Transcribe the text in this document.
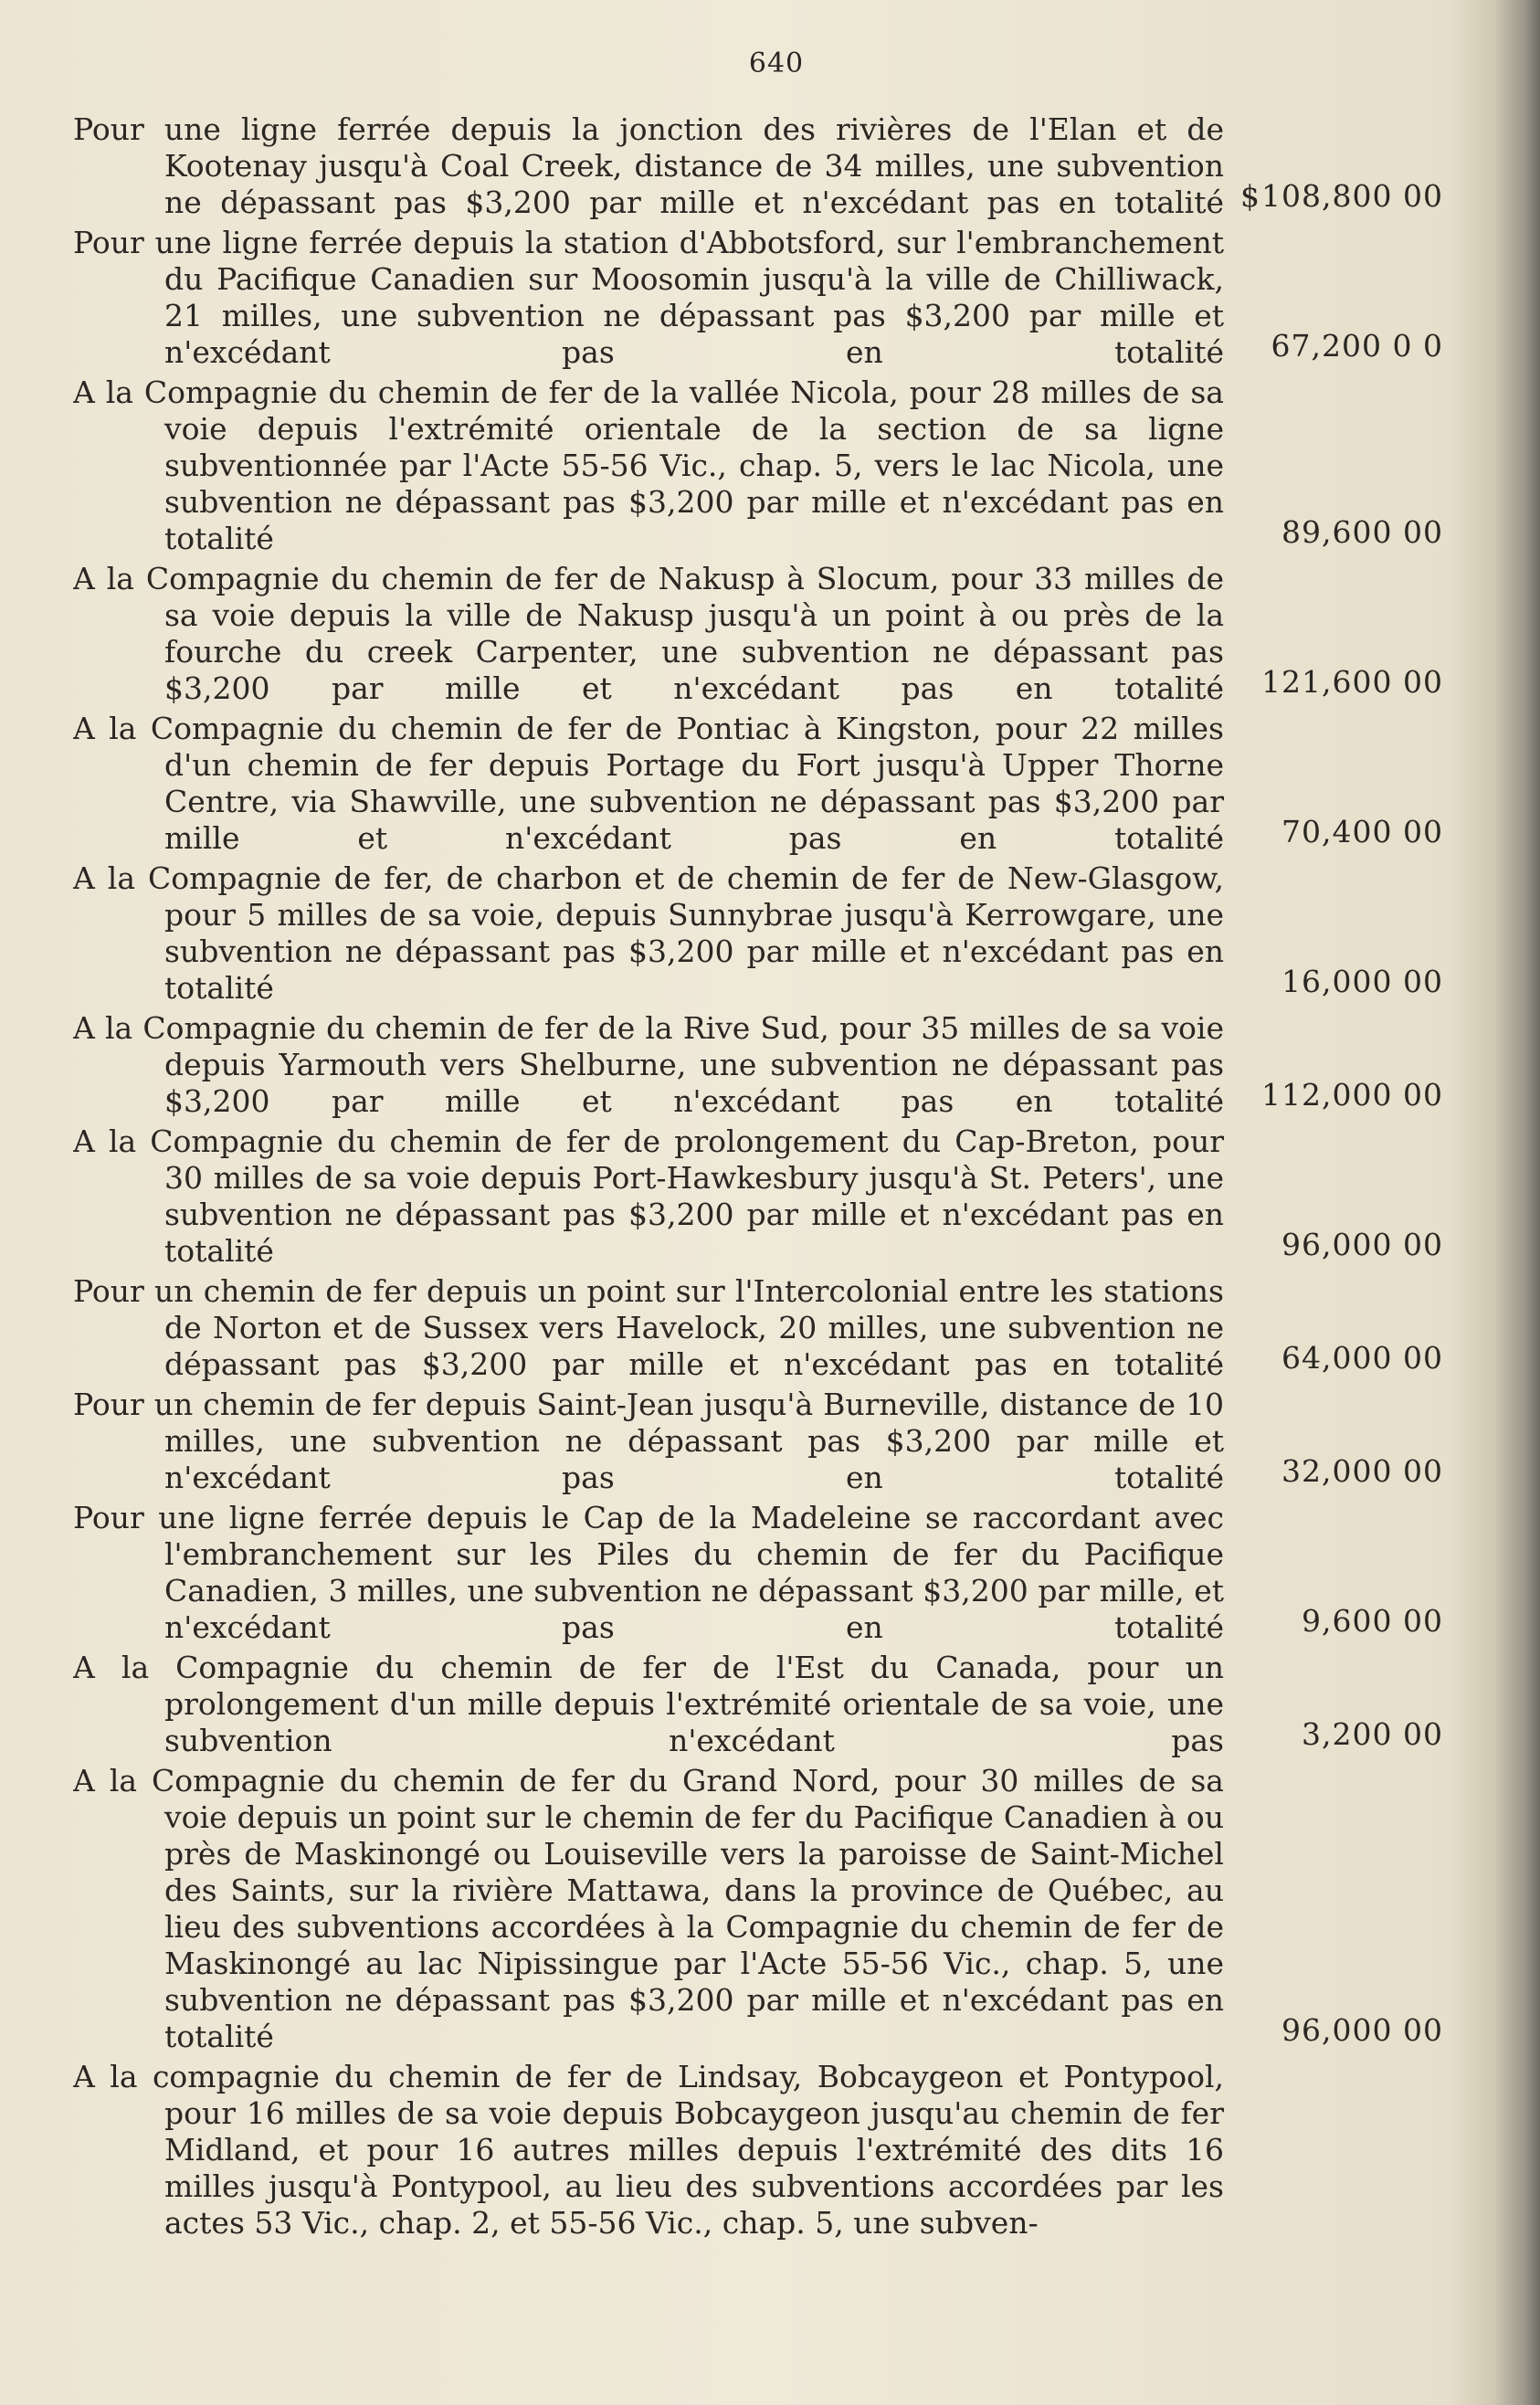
640
Pour une ligne ferrée depuis la jonction des rivières de l'Elan et de Kootenay jusqu'à Coal Creek, distance de 34 milles, une subvention ne dépassant pas $3,200 par mille et n'excédant pas en totalité ..... $ 108,800 00
Pour une ligne ferrée depuis la station d'Abbotsford, sur l'embranchement du Pacifique Canadien sur Moosomin jusqu'à la ville de Chilliwack, 21 milles, une subvention ne dépassant pas $3,200 par mille et n'excédant pas en totalité ..... 67,200 0 0
A la Compagnie du chemin de fer de la vallée Nicola, pour 28 milles de sa voie depuis l'extrémité orientale de la section de sa ligne subventionnée par l'Acte 55-56 Vic., chap. 5, vers le lac Nicola, une subvention ne dépassant pas $3,200 par mille et n'excédant pas en totalité .....	89,600 00
A la Compagnie du chemin de fer de Nakusp à Slocum, pour 33 milles de sa voie depuis la ville de Nakusp jusqu'à un point à ou près de la fourche du creek Carpenter, une subvention ne dépassant pas $3,200 par mille et n'excédant pas en totalité ..... 121,600 00
A la Compagnie du chemin de fer de Pontiac à Kingston, pour 22 milles d'un chemin de fer depuis Portage du Fort jusqu'à Upper Thorne Centre, via Shawville, une subvention ne dépassant pas $3,200 par mille et n'excédant pas en totalité ..... 70,400 00
A la Compagnie de fer, de charbon et de chemin de fer de New-Glasgow, pour 5 milles de sa voie, depuis Sunnybrae jusqu'à Kerrowgare, une subvention ne dépassant pas $3,200 par mille et n'excédant pas en totalité .....	16,000 00
A la Compagnie du chemin de fer de la Rive Sud, pour 35 milles de sa voie depuis Yarmouth vers Shelburne, une subvention ne dépassant pas $3,200 par mille et n'excédant pas en totalité ..... 112,000 00
A la Compagnie du chemin de fer de prolongement du Cap-Breton, pour 30 milles de sa voie depuis Port-Hawkesbury jusqu'à St. Peters', une subvention ne dépassant pas $3,200 par mille et n'excédant pas en totalité .....	96,000 00
Pour un chemin de fer depuis un point sur l'Intercolonial entre les stations de Norton et de Sussex vers Havelock, 20 milles, une subvention ne dépassant pas $3,200 par mille et n'excédant pas en totalité ..... 64,000 00
Pour un chemin de fer depuis Saint-Jean jusqu'à Burneville, distance de 10 milles, une subvention ne dépassant pas $3,200 par mille et n'excédant pas en totalité ..... 32,000 00
Pour une ligne ferrée depuis le Cap de la Madeleine se raccordant avec l'embranchement sur les Piles du chemin de fer du Pacifique Canadien, 3 milles, une subvention ne dépassant $3,200 par mille, et n'excédant pas en totalité .....	9,600 00
A la Compagnie du chemin de fer de l'Est du Canada, pour un prolongement d'un mille depuis l'extrémité orientale de sa voie, une subvention n'excédant pas .....	3,200 00
A la Compagnie du chemin de fer du Grand Nord, pour 30 milles de sa voie depuis un point sur le chemin de fer du Pacifique Canadien à ou près de Maskinongé ou Louiseville vers la paroisse de Saint-Michel des Saints, sur la rivière Mattawa, dans la province de Québec, au lieu des subventions accordées à la Compagnie du chemin de fer de Maskinongé au lac Nipissingue par l'Acte 55-56 Vic., chap. 5, une subvention ne dépassant pas $3,200 par mille et n'excédant pas en totalité .....	96,000 00
A la compagnie du chemin de fer de Lindsay, Bobcaygeon et Pontypool, pour 16 milles de sa voie depuis Bobcaygeon jusqu'au chemin de fer Midland, et pour 16 autres milles depuis l'extrémité des dits 16 milles jusqu'à Pontypool, au lieu des subventions accordées par les actes 53 Vic., chap. 2, et 55-56 Vic., chap. 5, une subven-
